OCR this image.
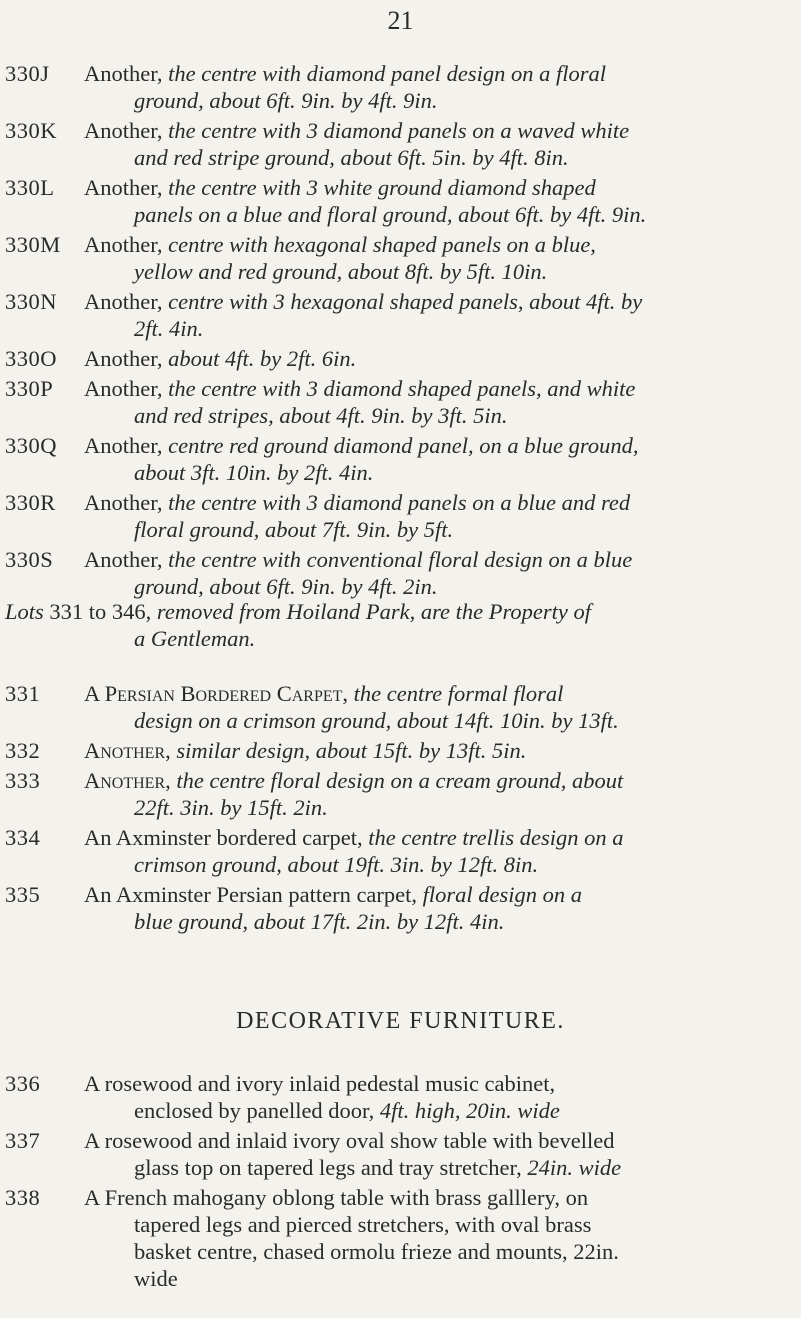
21
330J	Another, the centre with diamond panel design on a floral
ground, about 6ft. 9in. by 4ft. 9in.
330K	Another, the centre with 3 diamond panels on a waved white
and red stripe ground, about 6ft. 5in. by 4ft. 8in.
330L	Another, the centre with 3 white ground diamond shaped
panels on a blue and floral ground, about 6ft. by 4ft. 9in.
330M	Another, centre with hexagonal shaped panels on a blue,
yellow and red ground, about 8ft. by 5ft. 10in.
330N	Another, centre with 3 hexagonal shaped panels, about 4ft. by
2ft. 4in.
330O	Another, about 4ft. by 2ft. 6in.
330P	Another, the centre with 3 diamond shaped panels, and white
and red stripes, about 4ft. 9in. by 3ft. 5in.
330Q	Another, centre red ground diamond panel, on a blue ground,
about 3ft. 10in. by 2ft. 4in.
330R	Another, the centre with 3 diamond panels on a blue and red
floral ground, about 7ft. 9in. by 5ft.
330S	Another, the centre with conventional floral design on a blue
ground, about 6ft. 9in. by 4ft. 2in.
Lots 331 to 346, removed from Hoiland Park, are the Property of
a Gentleman.
331	A Persian Bordered Carpet, the centre formal floral
design on a crimson ground, about 14ft. 10in. by 13ft.
332	Another, similar design, about 15ft. by 13ft. 5in.
333	Another, the centre floral design on a cream ground, about
22ft. 3in. by 15ft. 2in.
334	An Axminster bordered carpet, the centre trellis design on a
crimson ground, about 19ft. 3in. by 12ft. 8in.
335	An Axminster Persian pattern carpet, floral design on a
blue ground, about 17ft. 2in. by 12ft. 4in.
DECORATIVE FURNITURE.
336	A rosewood and ivory inlaid pedestal music cabinet,
enclosed by panelled door, 4ft. high, 20in. wide
337	A rosewood and inlaid ivory oval show table with bevelled
glass top on tapered legs and tray stretcher, 24in. wide
338	A French mahogany oblong table with brass galllery, on
tapered legs and pierced stretchers, with oval brass
basket centre, chased ormolu frieze and mounts, 22in.
wide
